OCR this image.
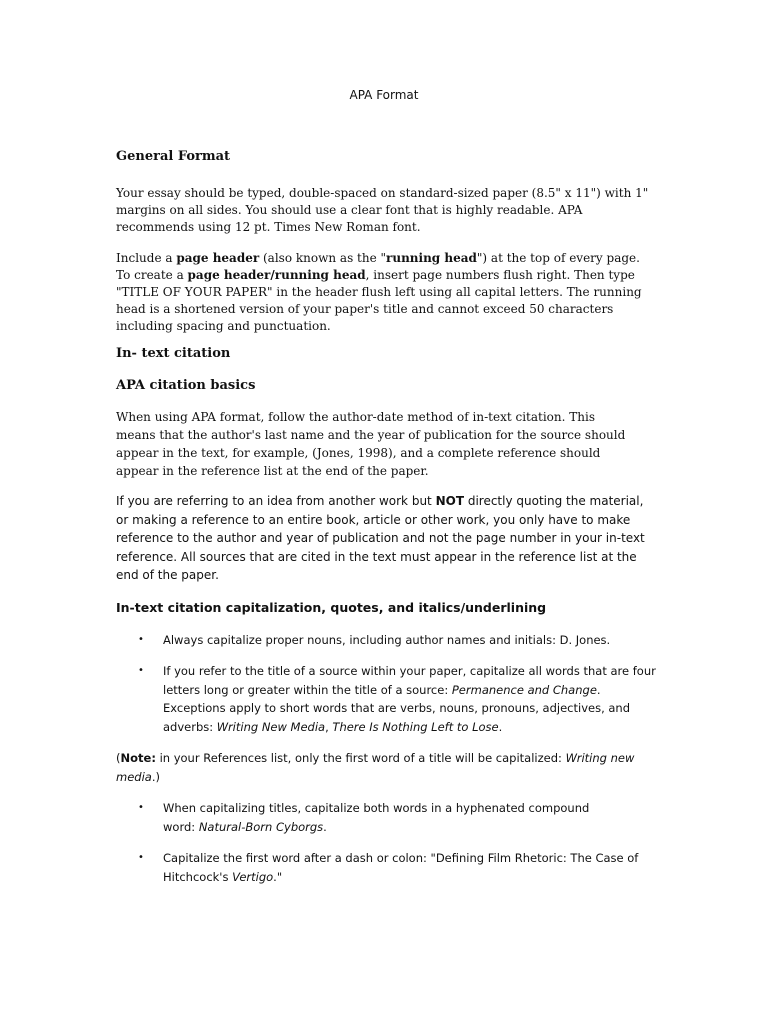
APA Format
General Format

Your essay should be typed, double-spaced on standard-sized paper (8.5" x 11") with 1" margins on all sides. You should use a clear font that is highly readable. APA recommends using 12 pt. Times New Roman font.

Include a page header (also known as the "running head") at the top of every page. To create a page header/running head, insert page numbers flush right. Then type "TITLE OF YOUR PAPER" in the header flush left using all capital letters. The running head is a shortened version of your paper's title and cannot exceed 50 characters including spacing and punctuation.

In- text citation
APA citation basics

When using APA format, follow the author-date method of in-text citation. This means that the author's last name and the year of publication for the source should appear in the text, for example, (Jones, 1998), and a complete reference should appear in the reference list at the end of the paper.

If you are referring to an idea from another work but NOT directly quoting the material, or making a reference to an entire book, article or other work, you only have to make reference to the author and year of publication and not the page number in your in-text reference. All sources that are cited in the text must appear in the reference list at the end of the paper.

In-text citation capitalization, quotes, and italics/underlining
• Always capitalize proper nouns, including author names and initials: D. Jones.

• If you refer to the title of a source within your paper, capitalize all words that are four letters long or greater within the title of a source: Permanence and Change. Exceptions apply to short words that are verbs, nouns, pronouns, adjectives, and adverbs: Writing New Media, There Is Nothing Left to Lose.

(Note: in your References list, only the first word of a title will be capitalized: Writing new media.)

• When capitalizing titles, capitalize both words in a hyphenated compound word: Natural-Born Cyborgs.

• Capitalize the first word after a dash or colon: "Defining Film Rhetoric: The Case of Hitchcock's Vertigo."
